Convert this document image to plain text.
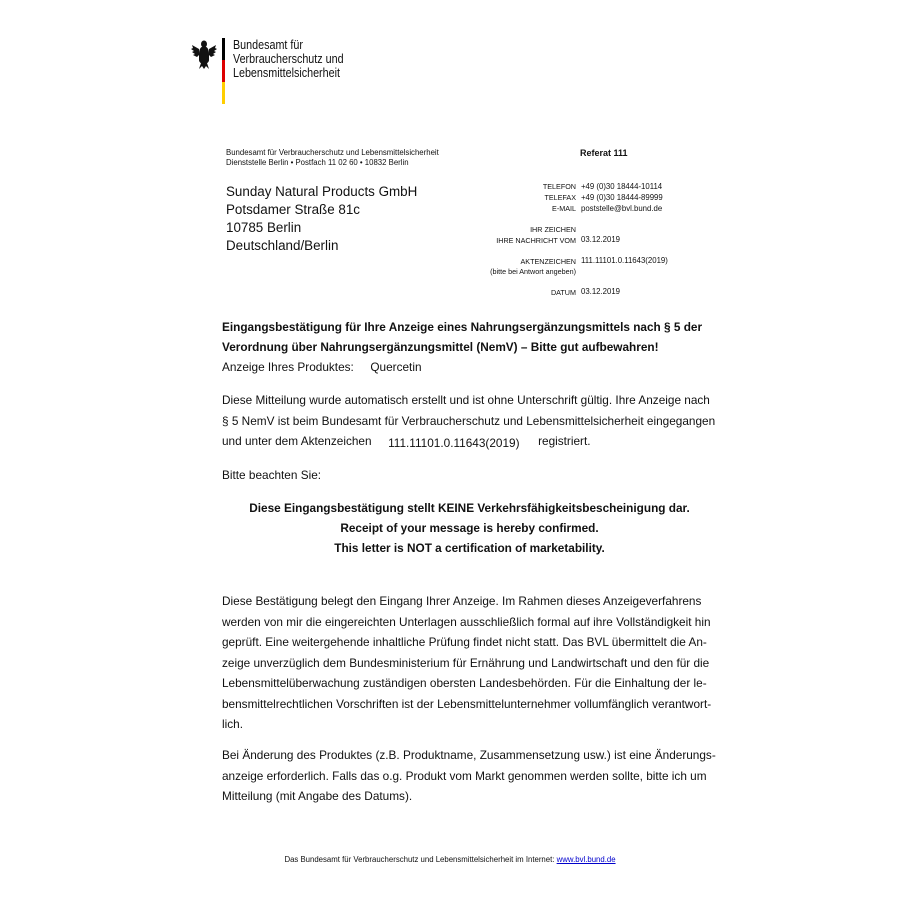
Bundesamt für
Verbraucherschutz und
Lebensmittelsicherheit
Bundesamt für Verbraucherschutz und Lebensmittelsicherheit
Dienststelle Berlin • Postfach 11 02 60 • 10832 Berlin
Referat 111
Sunday Natural Products GmbH
Potsdamer Straße 81c
10785 Berlin
Deutschland/Berlin
TELEFON +49 (0)30 18444-10114
TELEFAX +49 (0)30 18444-89999
E-MAIL poststelle@bvl.bund.de
IHR ZEICHEN
IHRE NACHRICHT VOM 03.12.2019
AKTENZEICHEN
(bitte bei Antwort angeben)
111.11101.0.11643(2019)
DATUM 03.12.2019
Eingangsbestätigung für Ihre Anzeige eines Nahrungsergänzungsmittels nach § 5 der
Verordnung über Nahrungsergänzungsmittel (NemV) – Bitte gut aufbewahren!
Anzeige Ihres Produktes: Quercetin
Diese Mitteilung wurde automatisch erstellt und ist ohne Unterschrift gültig. Ihre Anzeige nach
§ 5 NemV ist beim Bundesamt für Verbraucherschutz und Lebensmittelsicherheit eingegangen
und unter dem Aktenzeichen 111.11101.0.11643(2019) registriert.
Bitte beachten Sie:
Diese Eingangsbestätigung stellt KEINE Verkehrsfähigkeitsbescheinigung dar.
Receipt of your message is hereby confirmed.
This letter is NOT a certification of marketability.
Diese Bestätigung belegt den Eingang Ihrer Anzeige. Im Rahmen dieses Anzeigeverfahrens
werden von mir die eingereichten Unterlagen ausschließlich formal auf ihre Vollständigkeit hin
geprüft. Eine weitergehende inhaltliche Prüfung findet nicht statt. Das BVL übermittelt die An-
zeige unverzüglich dem Bundesministerium für Ernährung und Landwirtschaft und den für die
Lebensmittelüberwachung zuständigen obersten Landesbehörden. Für die Einhaltung der le-
bensmittelrechtlichen Vorschriften ist der Lebensmittelunternehmer vollumfänglich verantwort-
lich.
Bei Änderung des Produktes (z.B. Produktname, Zusammensetzung usw.) ist eine Änderungs-
anzeige erforderlich. Falls das o.g. Produkt vom Markt genommen werden sollte, bitte ich um
Mitteilung (mit Angabe des Datums).
Das Bundesamt für Verbraucherschutz und Lebensmittelsicherheit im Internet: www.bvl.bund.de
